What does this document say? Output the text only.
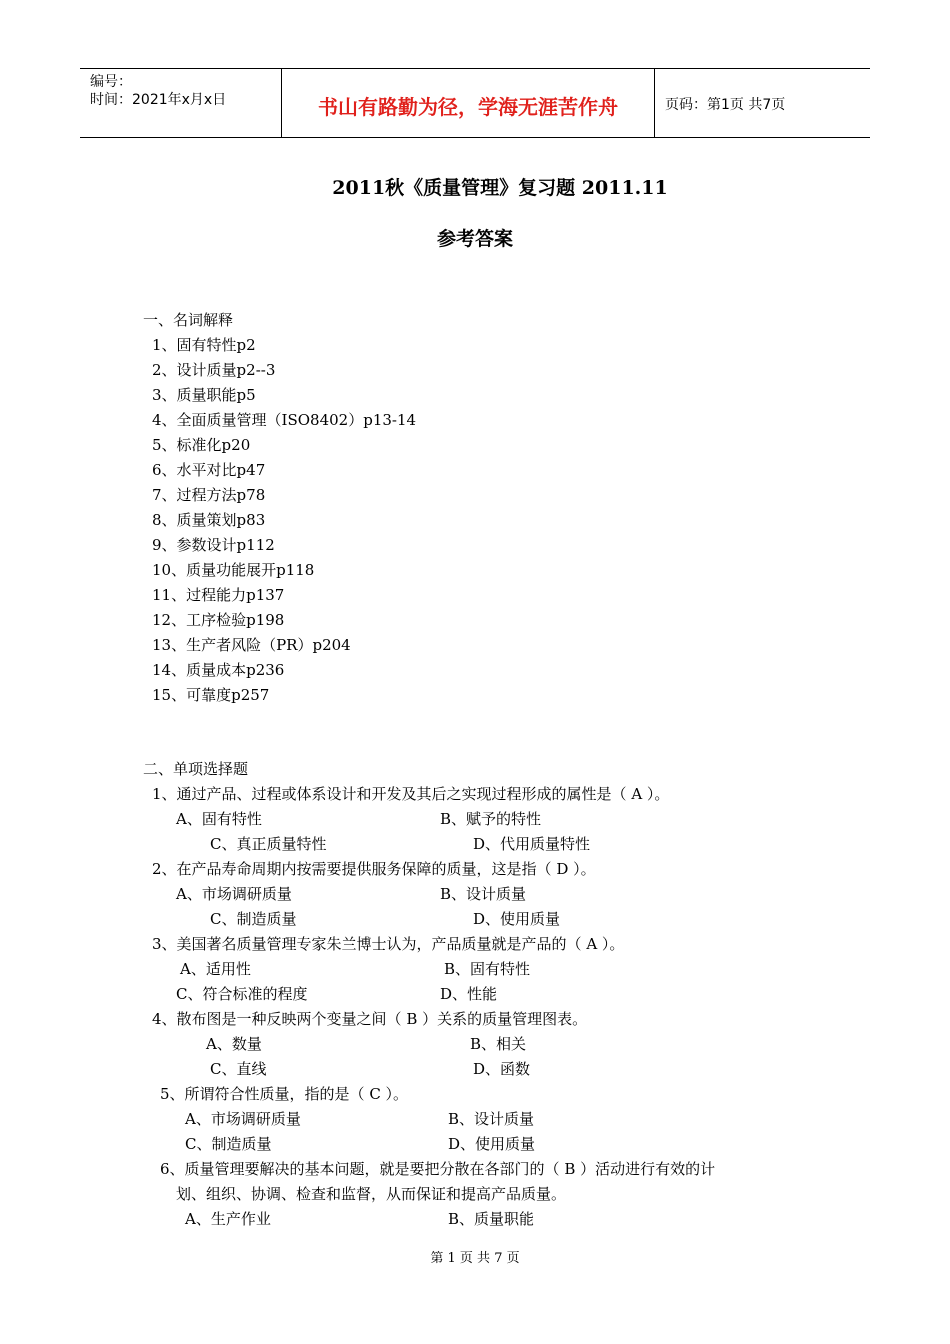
编号：
时间：2021年x月x日	书山有路勤为径，学海无涯苦作舟	页码：第1页 共7页
2011秋《质量管理》复习题 2011.11
参考答案
一、名词解释
1、固有特性p2
2、设计质量p2--3
3、质量职能p5
4、全面质量管理（ISO8402）p13-14
5、标准化p20
6、水平对比p47
7、过程方法p78
8、质量策划p83
9、参数设计p112
10、质量功能展开p118
11、过程能力p137
12、工序检验p198
13、生产者风险（PR）p204
14、质量成本p236
15、可靠度p257
二、单项选择题
1、通过产品、过程或体系设计和开发及其后之实现过程形成的属性是（ A ）。
A、固有特性	B、赋予的特性
C、真正质量特性	D、代用质量特性
2、在产品寿命周期内按需要提供服务保障的质量，这是指（ D ）。
A、市场调研质量	B、设计质量
C、制造质量	D、使用质量
3、美国著名质量管理专家朱兰博士认为，产品质量就是产品的（ A ）。
A、适用性	B、固有特性
C、符合标准的程度	D、性能
4、散布图是一种反映两个变量之间（ B ）关系的质量管理图表。
A、数量	B、相关
C、直线	D、函数
5、所谓符合性质量，指的是（ C ）。
A、市场调研质量	B、设计质量
C、制造质量	D、使用质量
6、质量管理要解决的基本问题，就是要把分散在各部门的（ B ）活动进行有效的计
划、组织、协调、检查和监督，从而保证和提高产品质量。
A、生产作业	B、质量职能
第 1 页 共 7 页
